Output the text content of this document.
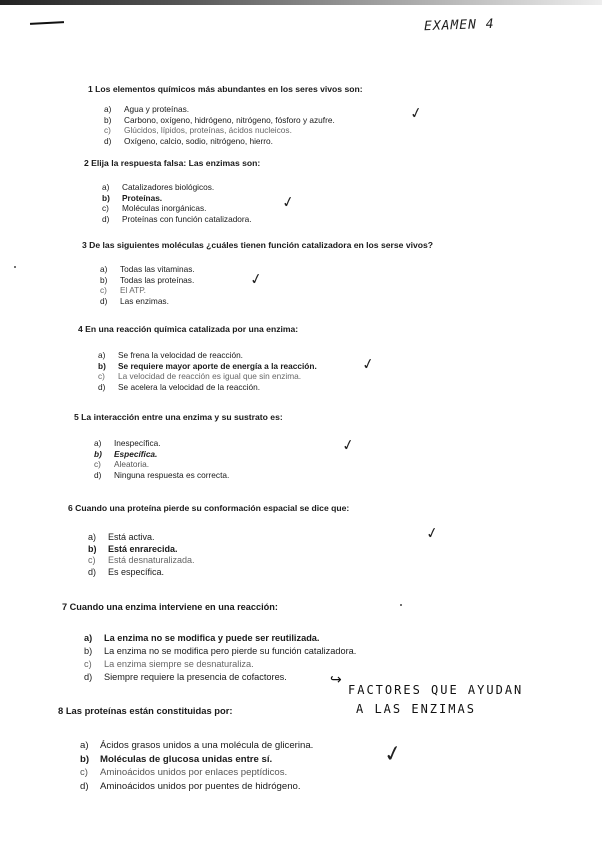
EXAMEN 4
1 Los elementos químicos más abundantes en los seres vivos son:
a) Agua y proteínas.
b) Carbono, oxígeno, hidrógeno, nitrógeno, fósforo y azufre.
c) Glúcidos, lípidos, proteínas, ácidos nucleicos.
d) Oxígeno, calcio, sodio, nitrógeno, hierro.
✓
2 Elija la respuesta falsa: Las enzimas son:
a) Catalizadores biológicos.
b) Proteínas.
c) Moléculas inorgánicas.
d) Proteínas con función catalizadora.
✓
3 De las siguientes moléculas ¿cuáles tienen función catalizadora en los serse vivos?
a) Todas las vitaminas.
b) Todas las proteínas.
c) El ATP.
d) Las enzimas.
✓
4 En una reacción química catalizada por una enzima:
a) Se frena la velocidad de reacción.
b) Se requiere mayor aporte de energía a la reacción.
c) La velocidad de reacción es igual que sin enzima.
d) Se acelera la velocidad de la reacción.
✓
5 La interacción entre una enzima y su sustrato es:
a) Inespecífica.
b) Específica.
c) Aleatoria.
d) Ninguna respuesta es correcta.
✓
6 Cuando una proteína pierde su conformación espacial se dice que:
a) Está activa.
b) Está enrarecida.
c) Está desnaturalizada.
d) Es específica.
✓
7 Cuando una enzima interviene en una reacción:
a) La enzima no se modifica y puede ser reutilizada.
b) La enzima no se modifica pero pierde su función catalizadora.
c) La enzima siempre se desnaturaliza.
d) Siempre requiere la presencia de cofactores.	↪
FACTORES QUE AYUDAN
A LAS ENZIMAS
8 Las proteínas están constituidas por:
a) Ácidos grasos unidos a una molécula de glicerina.
b) Moléculas de glucosa unidas entre sí.
c) Aminoácidos unidos por enlaces peptídicos.
d) Aminoácidos unidos por puentes de hidrógeno.
✓
